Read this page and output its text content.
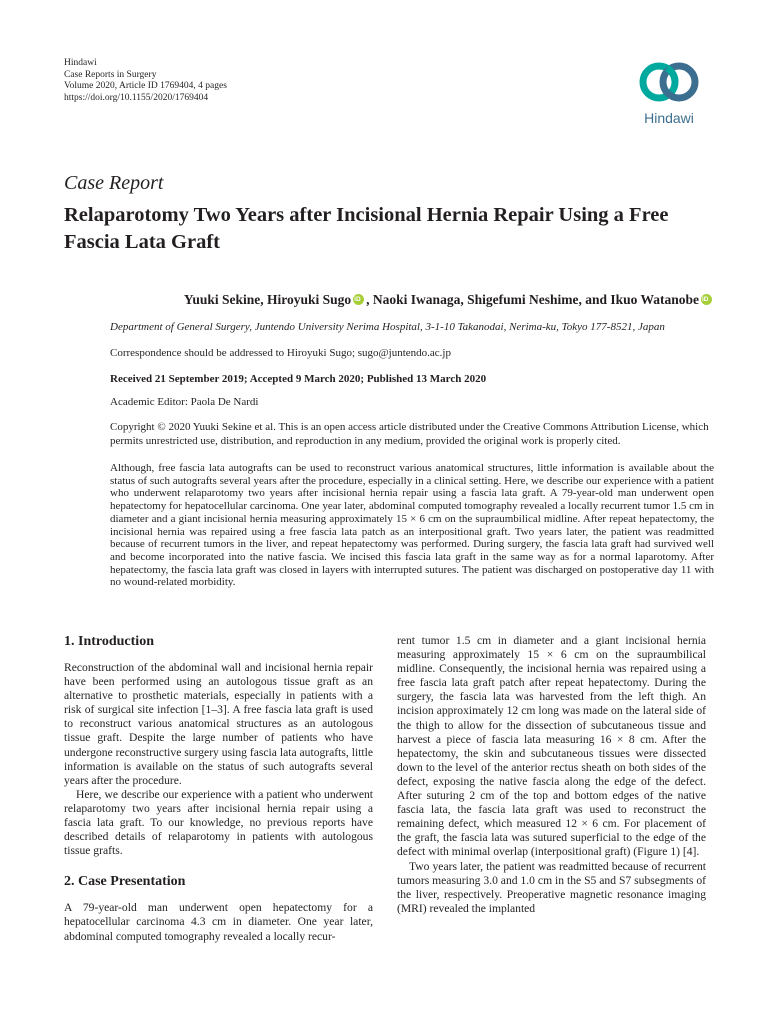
Hindawi
Case Reports in Surgery
Volume 2020, Article ID 1769404, 4 pages
https://doi.org/10.1155/2020/1769404
Hindawi
Case Report
Relaparotomy Two Years after Incisional Hernia Repair Using a Free Fascia Lata Graft
Yuuki Sekine, Hiroyuki SugoiD , Naoki Iwanaga, Shigefumi Neshime, and Ikuo WatanobeiD
Department of General Surgery, Juntendo University Nerima Hospital, 3-1-10 Takanodai, Nerima-ku, Tokyo 177-8521, Japan
Correspondence should be addressed to Hiroyuki Sugo; sugo@juntendo.ac.jp
Received 21 September 2019; Accepted 9 March 2020; Published 13 March 2020
Academic Editor: Paola De Nardi
Copyright © 2020 Yuuki Sekine et al. This is an open access article distributed under the Creative Commons Attribution License, which permits unrestricted use, distribution, and reproduction in any medium, provided the original work is properly cited.
Although, free fascia lata autografts can be used to reconstruct various anatomical structures, little information is available about the status of such autografts several years after the procedure, especially in a clinical setting. Here, we describe our experience with a patient who underwent relaparotomy two years after incisional hernia repair using a fascia lata graft. A 79-year-old man underwent open hepatectomy for hepatocellular carcinoma. One year later, abdominal computed tomography revealed a locally recurrent tumor 1.5 cm in diameter and a giant incisional hernia measuring approximately 15 × 6 cm on the supraumbilical midline. After repeat hepatectomy, the incisional hernia was repaired using a free fascia lata patch as an interpositional graft. Two years later, the patient was readmitted because of recurrent tumors in the liver, and repeat hepatectomy was performed. During surgery, the fascia lata graft had survived well and become incorporated into the native fascia. We incised this fascia lata graft in the same way as for a normal laparotomy. After hepatectomy, the fascia lata graft was closed in layers with interrupted sutures. The patient was discharged on postoperative day 11 with no wound-related morbidity.
1. Introduction

Reconstruction of the abdominal wall and incisional hernia repair have been performed using an autologous tissue graft as an alternative to prosthetic materials, especially in patients with a risk of surgical site infection [1–3]. A free fascia lata graft is used to reconstruct various anatomical structures as an autologous tissue graft. Despite the large number of patients who have undergone reconstructive surgery using fascia lata autografts, little information is available on the status of such autografts several years after the procedure.

Here, we describe our experience with a patient who underwent relaparotomy two years after incisional hernia repair using a fascia lata graft. To our knowledge, no previous reports have described details of relaparotomy in patients with autologous tissue grafts.

2. Case Presentation

A 79-year-old man underwent open hepatectomy for a hepatocellular carcinoma 4.3 cm in diameter. One year later, abdominal computed tomography revealed a locally recur-

rent tumor 1.5 cm in diameter and a giant incisional hernia measuring approximately 15 × 6 cm on the supraumbilical midline. Consequently, the incisional hernia was repaired using a free fascia lata graft patch after repeat hepatectomy. During the surgery, the fascia lata was harvested from the left thigh. An incision approximately 12 cm long was made on the lateral side of the thigh to allow for the dissection of subcutaneous tissue and harvest a piece of fascia lata measuring 16 × 8 cm. After the hepatectomy, the skin and subcutaneous tissues were dissected down to the level of the anterior rectus sheath on both sides of the defect, exposing the native fascia along the edge of the defect. After suturing 2 cm of the top and bottom edges of the native fascia lata, the fascia lata graft was used to reconstruct the remaining defect, which measured 12 × 6 cm. For placement of the graft, the fascia lata was sutured superficial to the edge of the defect with minimal overlap (interpositional graft) (Figure 1) [4].

Two years later, the patient was readmitted because of recurrent tumors measuring 3.0 and 1.0 cm in the S5 and S7 subsegments of the liver, respectively. Preoperative magnetic resonance imaging (MRI) revealed the implanted
